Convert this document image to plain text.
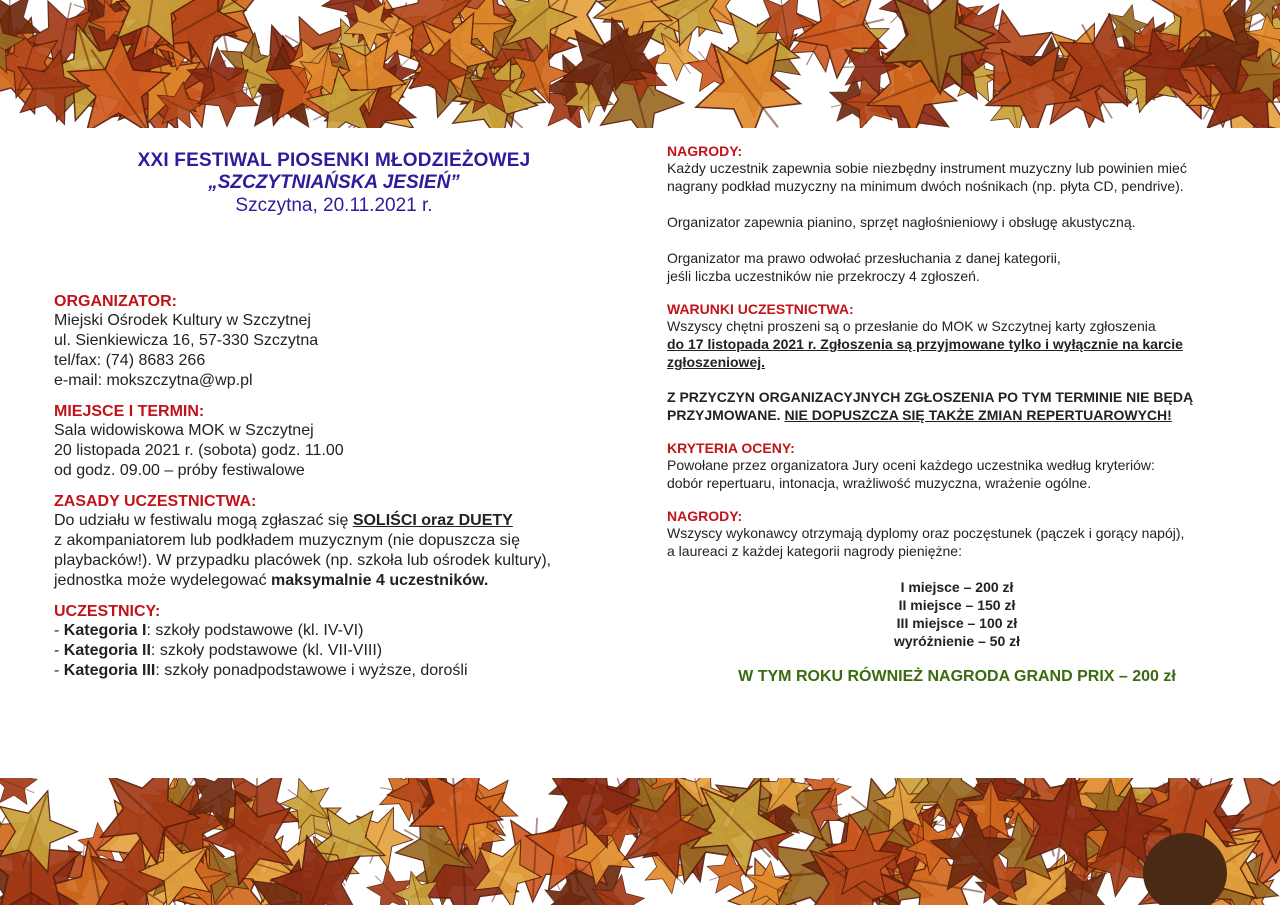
XXI FESTIWAL PIOSENKI MŁODZIEŻOWEJ
„SZCZYTNIAŃSKA JESIEŃ”
Szczytna, 20.11.2021 r.
ORGANIZATOR:
Miejski Ośrodek Kultury w Szczytnej
ul. Sienkiewicza 16, 57-330 Szczytna
tel/fax: (74) 8683 266
e-mail: mokszczytna@wp.pl
MIEJSCE I TERMIN:
Sala widowiskowa MOK w Szczytnej
20 listopada 2021 r. (sobota) godz. 11.00
od godz. 09.00 – próby festiwalowe
ZASADY UCZESTNICTWA:
Do udziału w festiwalu mogą zgłaszać się SOLIŚCI oraz DUETY
z akompaniatorem lub podkładem muzycznym (nie dopuszcza się playbacków!). W przypadku placówek (np. szkoła lub ośrodek kultury), jednostka może wydelegować maksymalnie 4 uczestników.
UCZESTNICY:
- Kategoria I: szkoły podstawowe (kl. IV-VI)
- Kategoria II: szkoły podstawowe (kl. VII-VIII)
- Kategoria III: szkoły ponadpodstawowe i wyższe, dorośli
NAGRODY:
Każdy uczestnik zapewnia sobie niezbędny instrument muzyczny lub powinien mieć nagrany podkład muzyczny na minimum dwóch nośnikach (np. płyta CD, pendrive).
Organizator zapewnia pianino, sprzęt nagłośnieniowy i obsługę akustyczną.
Organizator ma prawo odwołać przesłuchania z danej kategorii,
jeśli liczba uczestników nie przekroczy 4 zgłoszeń.
WARUNKI UCZESTNICTWA:
Wszyscy chętni proszeni są o przesłanie do MOK w Szczytnej karty zgłoszenia
do 17 listopada 2021 r. Zgłoszenia są przyjmowane tylko i wyłącznie na karcie zgłoszeniowej.
Z PRZYCZYN ORGANIZACYJNYCH ZGŁOSZENIA PO TYM TERMINIE NIE BĘDĄ PRZYJMOWANE. NIE DOPUSZCZA SIĘ TAKŻE ZMIAN REPERTUAROWYCH!
KRYTERIA OCENY:
Powołane przez organizatora Jury oceni każdego uczestnika według kryteriów:
dobór repertuaru, intonacja, wrażliwość muzyczna, wrażenie ogólne.
NAGRODY:
Wszyscy wykonawcy otrzymają dyplomy oraz poczęstunek (pączek i gorący napój),
a laureaci z każdej kategorii nagrody pieniężne:
I miejsce – 200 zł
II miejsce – 150 zł
III miejsce – 100 zł
wyróżnienie – 50 zł
W TYM ROKU RÓWNIEŻ NAGRODA GRAND PRIX – 200 zł
